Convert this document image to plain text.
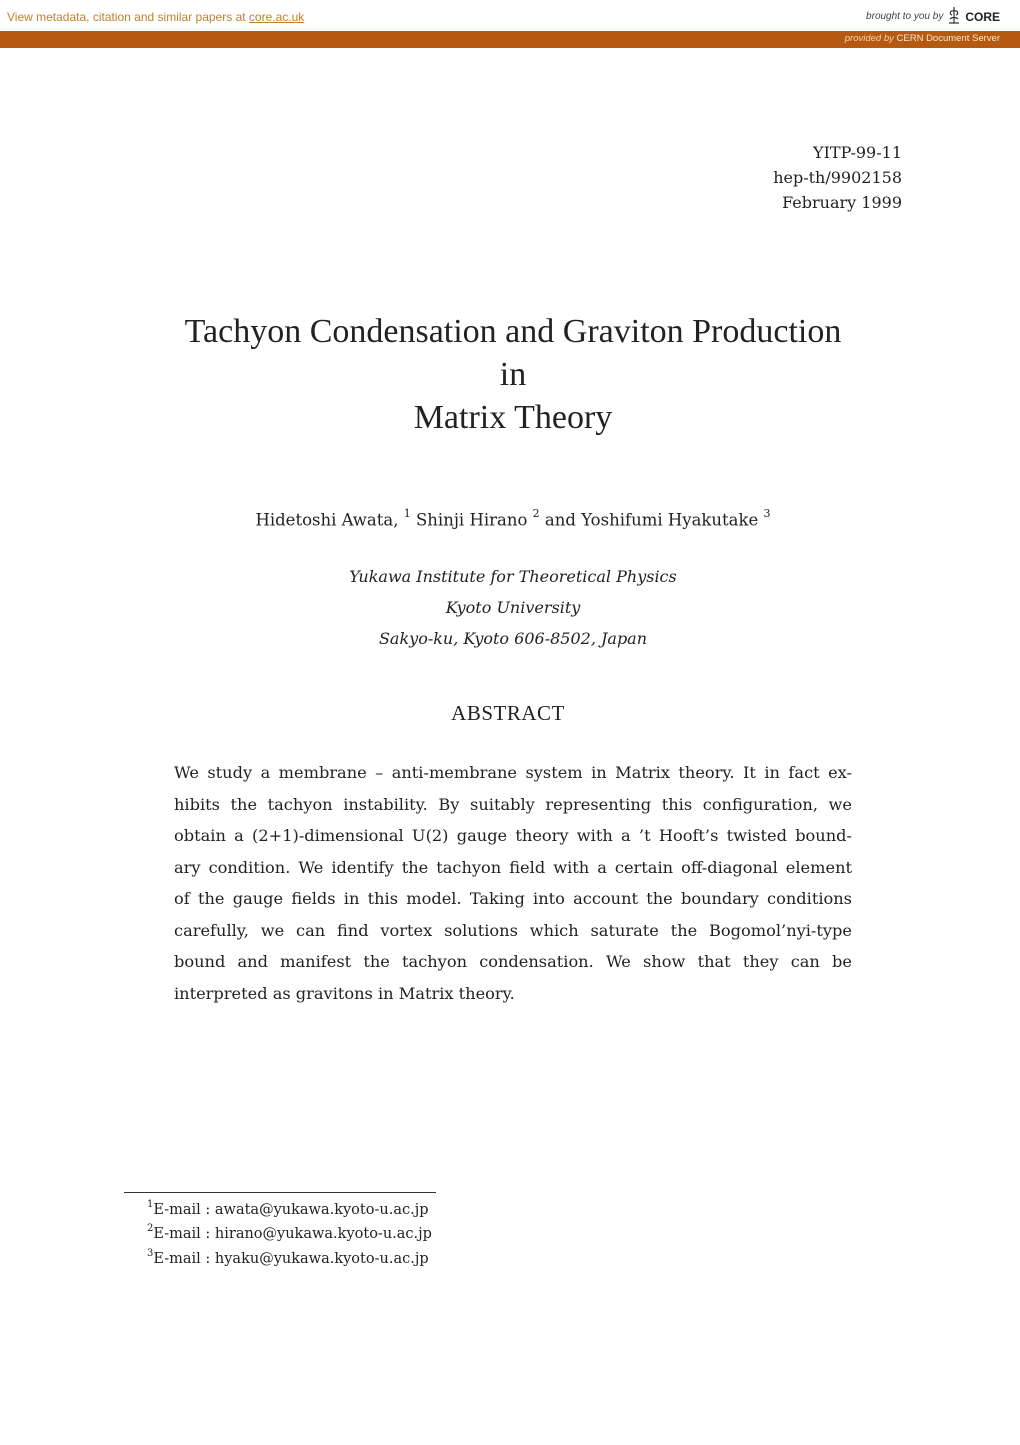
View metadata, citation and similar papers at core.ac.uk	brought to you by CORE
provided by CERN Document Server
YITP-99-11
hep-th/9902158
February 1999
Tachyon Condensation and Graviton Production
in
Matrix Theory
Hidetoshi Awata, $^1$ Shinji Hirano $^2$ and Yoshifumi Hyakutake $^3$
Yukawa Institute for Theoretical Physics
Kyoto University
Sakyo-ku, Kyoto 606-8502, Japan
ABSTRACT
We study a membrane – anti-membrane system in Matrix theory. It in fact ex-
hibits the tachyon instability. By suitably representing this configuration, we
obtain a (2+1)-dimensional U(2) gauge theory with a ’t Hooft’s twisted bound-
ary condition. We identify the tachyon field with a certain off-diagonal element
of the gauge fields in this model. Taking into account the boundary conditions
carefully, we can find vortex solutions which saturate the Bogomol’nyi-type
bound and manifest the tachyon condensation. We show that they can be
interpreted as gravitons in Matrix theory.
$^1$E-mail : awata@yukawa.kyoto-u.ac.jp
$^2$E-mail : hirano@yukawa.kyoto-u.ac.jp
$^3$E-mail : hyaku@yukawa.kyoto-u.ac.jp
